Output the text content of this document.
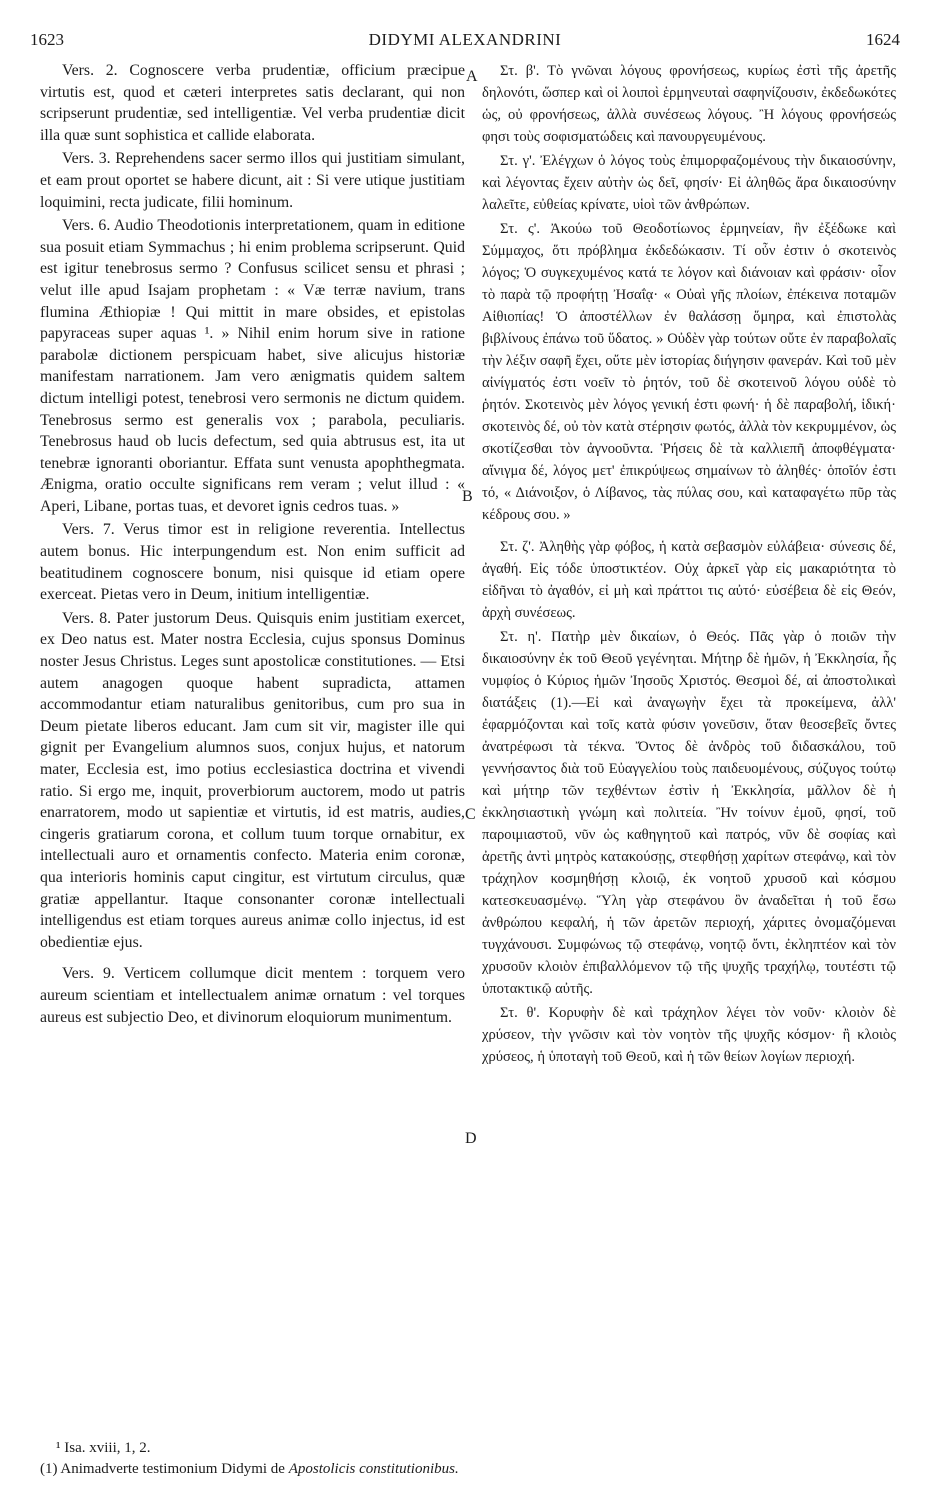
1623	DIDYMI ALEXANDRINI	1624

Vers. 2. Cognoscere verba prudentiæ, officium præcipue virtutis est, quod et cæteri interpretes satis declarant, qui non scripserunt prudentiæ, sed intelligentiæ. Vel verba prudentiæ dicit illa quæ sunt sophistica et callide elaborata.

Vers. 3. Reprehendens sacer sermo illos qui justitiam simulant, et eam prout oportet se habere dicunt, ait : Si vere utique justitiam loquimini, recta judicate, filii hominum.

Vers. 6. Audio Theodotionis interpretationem, quam in editione sua posuit etiam Symmachus ; hi enim problema scripserunt. Quid est igitur tenebrosus sermo ? Confusus scilicet sensu et phrasi ; velut ille apud Isajam prophetam : « Væ terræ navium, trans flumina Æthiopiæ ! Qui mittit in mare obsides, et epistolas papyraceas super aquas ¹. » Nihil enim horum sive in ratione parabolæ dictionem perspicuam habet, sive alicujus historiæ manifestam narrationem. Jam vero ænigmatis quidem saltem dictum intelligi potest, tenebrosi vero sermonis ne dictum quidem. Tenebrosus sermo est generalis vox ; parabola, peculiaris. Tenebrosus haud ob lucis defectum, sed quia abtrusus est, ita ut tenebræ ignoranti oboriantur. Effata sunt venusta apophthegmata. Ænigma, oratio occulte significans rem veram ; velut illud : « Aperi, Libane, portas tuas, et devoret ignis cedros tuas. »

Vers. 7. Verus timor est in religione reverentia. Intellectus autem bonus. Hic interpungendum est. Non enim sufficit ad beatitudinem cognoscere bonum, nisi quisque id etiam opere exerceat. Pietas vero in Deum, initium intelligentiæ.

Vers. 8. Pater justorum Deus. Quisquis enim justitiam exercet, ex Deo natus est. Mater nostra Ecclesia, cujus sponsus Dominus noster Jesus Christus. Leges sunt apostolicæ constitutiones. — Etsi autem anagogen quoque habent supradicta, attamen accommodantur etiam naturalibus genitoribus, cum pro sua in Deum pietate liberos educant. Jam cum sit vir, magister ille qui gignit per Evangelium alumnos suos, conjux hujus, et natorum mater, Ecclesia est, imo potius ecclesiastica doctrina et vivendi ratio. Si ergo me, inquit, proverbiorum auctorem, modo ut patris enarratorem, modo ut sapientiæ et virtutis, id est matris, audies, cingeris gratiarum corona, et collum tuum torque ornabitur, ex intellectuali auro et ornamentis confecto. Materia enim coronæ, qua interioris hominis caput cingitur, est virtutum circulus, quæ gratiæ appellantur. Itaque consonanter coronæ intellectuali intelligendus est etiam torques aureus animæ collo injectus, id est obedientiæ ejus.

Vers. 9. Verticem collumque dicit mentem : torquem vero aureum scientiam et intellectualem animæ ornatum : vel torques aureus est subjectio Deo, et divinorum eloquiorum munimentum.

A
B
C
D

Στ. β'. Τὸ γνῶναι λόγους φρονήσεως, κυρίως ἐστὶ τῆς ἀρετῆς δηλονότι, ὥσπερ καὶ οἱ λοιποὶ ἑρμηνευταὶ σαφηνίζουσιν, ἐκδεδωκότες ὡς, οὐ φρονήσεως, ἀλλὰ συνέσεως λόγους. Ἢ λόγους φρονήσεώς φησι τοὺς σοφισματώδεις καὶ πανουργευμένους.

Στ. γ'. Ἐλέγχων ὁ λόγος τοὺς ἐπιμορφαζομένους τὴν δικαιοσύνην, καὶ λέγοντας ἔχειν αὐτὴν ὡς δεῖ, φησίν· Εἰ ἀληθῶς ἄρα δικαιοσύνην λαλεῖτε, εὐθείας κρίνατε, υἱοὶ τῶν ἀνθρώπων.

Στ. ς'. Ἀκούω τοῦ Θεοδοτίωνος ἑρμηνείαν, ἣν ἐξέδωκε καὶ Σύμμαχος, ὅτι πρόβλημα ἐκδεδώκασιν. Τί οὖν ἐστιν ὁ σκοτεινὸς λόγος; Ὁ συγκεχυμένος κατά τε λόγον καὶ διάνοιαν καὶ φράσιν· οἷον τὸ παρὰ τῷ προφήτῃ Ἠσαΐᾳ· « Οὐαὶ γῆς πλοίων, ἐπέκεινα ποταμῶν Αἰθιοπίας! Ὁ ἀποστέλλων ἐν θαλάσσῃ ὅμηρα, καὶ ἐπιστολὰς βιβλίνους ἐπάνω τοῦ ὕδατος. » Οὐδὲν γὰρ τούτων οὔτε ἐν παραβολαῖς τὴν λέξιν σαφῆ ἔχει, οὔτε μὲν ἱστορίας διήγησιν φανεράν. Καὶ τοῦ μὲν αἰνίγματός ἐστι νοεῖν τὸ ῥητόν, τοῦ δὲ σκοτεινοῦ λόγου οὐδὲ τὸ ῥητόν. Σκοτεινὸς μὲν λόγος γενική ἐστι φωνή· ἡ δὲ παραβολή, ἰδική· σκοτεινὸς δέ, οὐ τὸν κατὰ στέρησιν φωτός, ἀλλὰ τὸν κεκρυμμένον, ὡς σκοτίζεσθαι τὸν ἀγνοοῦντα. Ῥήσεις δὲ τὰ καλλιεπῆ ἀποφθέγματα· αἴνιγμα δέ, λόγος μετ' ἐπικρύψεως σημαίνων τὸ ἀληθές· ὁποῖόν ἐστι τό, « Διάνοιξον, ὁ Λίβανος, τὰς πύλας σου, καὶ καταφαγέτω πῦρ τὰς κέδρους σου. »

Στ. ζ'. Ἀληθὴς γὰρ φόβος, ἡ κατὰ σεβασμὸν εὐλάβεια· σύνεσις δέ, ἀγαθή. Εἰς τόδε ὑποστικτέον. Οὐχ ἀρκεῖ γὰρ εἰς μακαριότητα τὸ εἰδῆναι τὸ ἀγαθόν, εἰ μὴ καὶ πράττοι τις αὐτό· εὐσέβεια δὲ εἰς Θεόν, ἀρχὴ συνέσεως.

Στ. η'. Πατὴρ μὲν δικαίων, ὁ Θεός. Πᾶς γὰρ ὁ ποιῶν τὴν δικαιοσύνην ἐκ τοῦ Θεοῦ γεγένηται. Μήτηρ δὲ ἡμῶν, ἡ Ἐκκλησία, ἧς νυμφίος ὁ Κύριος ἡμῶν Ἰησοῦς Χριστός. Θεσμοὶ δέ, αἱ ἀποστολικαὶ διατάξεις (1).—Εἰ καὶ ἀναγωγὴν ἔχει τὰ προκείμενα, ἀλλ' ἐφαρμόζονται καὶ τοῖς κατὰ φύσιν γονεῦσιν, ὅταν θεοσεβεῖς ὄντες ἀνατρέφωσι τὰ τέκνα. Ὄντος δὲ ἀνδρὸς τοῦ διδασκάλου, τοῦ γεννήσαντος διὰ τοῦ Εὐαγγελίου τοὺς παιδευομένους, σύζυγος τούτῳ καὶ μήτηρ τῶν τεχθέντων ἐστὶν ἡ Ἐκκλησία, μᾶλλον δὲ ἡ ἐκκλησιαστικὴ γνώμη καὶ πολιτεία. Ἢν τοίνυν ἐμοῦ, φησί, τοῦ παροιμιαστοῦ, νῦν ὡς καθηγητοῦ καὶ πατρός, νῦν δὲ σοφίας καὶ ἀρετῆς ἀντὶ μητρὸς κατακούσῃς, στεφθήσῃ χαρίτων στεφάνῳ, καὶ τὸν τράχηλον κοσμηθήσῃ κλοιῷ, ἐκ νοητοῦ χρυσοῦ καὶ κόσμου κατεσκευασμένῳ. Ὕλη γὰρ στεφάνου ὃν ἀναδεῖται ἡ τοῦ ἔσω ἀνθρώπου κεφαλή, ἡ τῶν ἀρετῶν περιοχή, χάριτες ὀνομαζόμεναι τυγχάνουσι. Συμφώνως τῷ στεφάνῳ, νοητῷ ὄντι, ἐκληπτέον καὶ τὸν χρυσοῦν κλοιὸν ἐπιβαλλόμενον τῷ τῆς ψυχῆς τραχήλῳ, τουτέστι τῷ ὑποτακτικῷ αὐτῆς.

Στ. θ'. Κορυφὴν δὲ καὶ τράχηλον λέγει τὸν νοῦν· κλοιὸν δὲ χρύσεον, τὴν γνῶσιν καὶ τὸν νοητὸν τῆς ψυχῆς κόσμον· ἢ κλοιὸς χρύσεος, ἡ ὑποταγὴ τοῦ Θεοῦ, καὶ ἡ τῶν θείων λογίων περιοχή.

¹ Isa. xviii, 1, 2.
(1) Animadverte testimonium Didymi de Apostolicis constitutionibus.
